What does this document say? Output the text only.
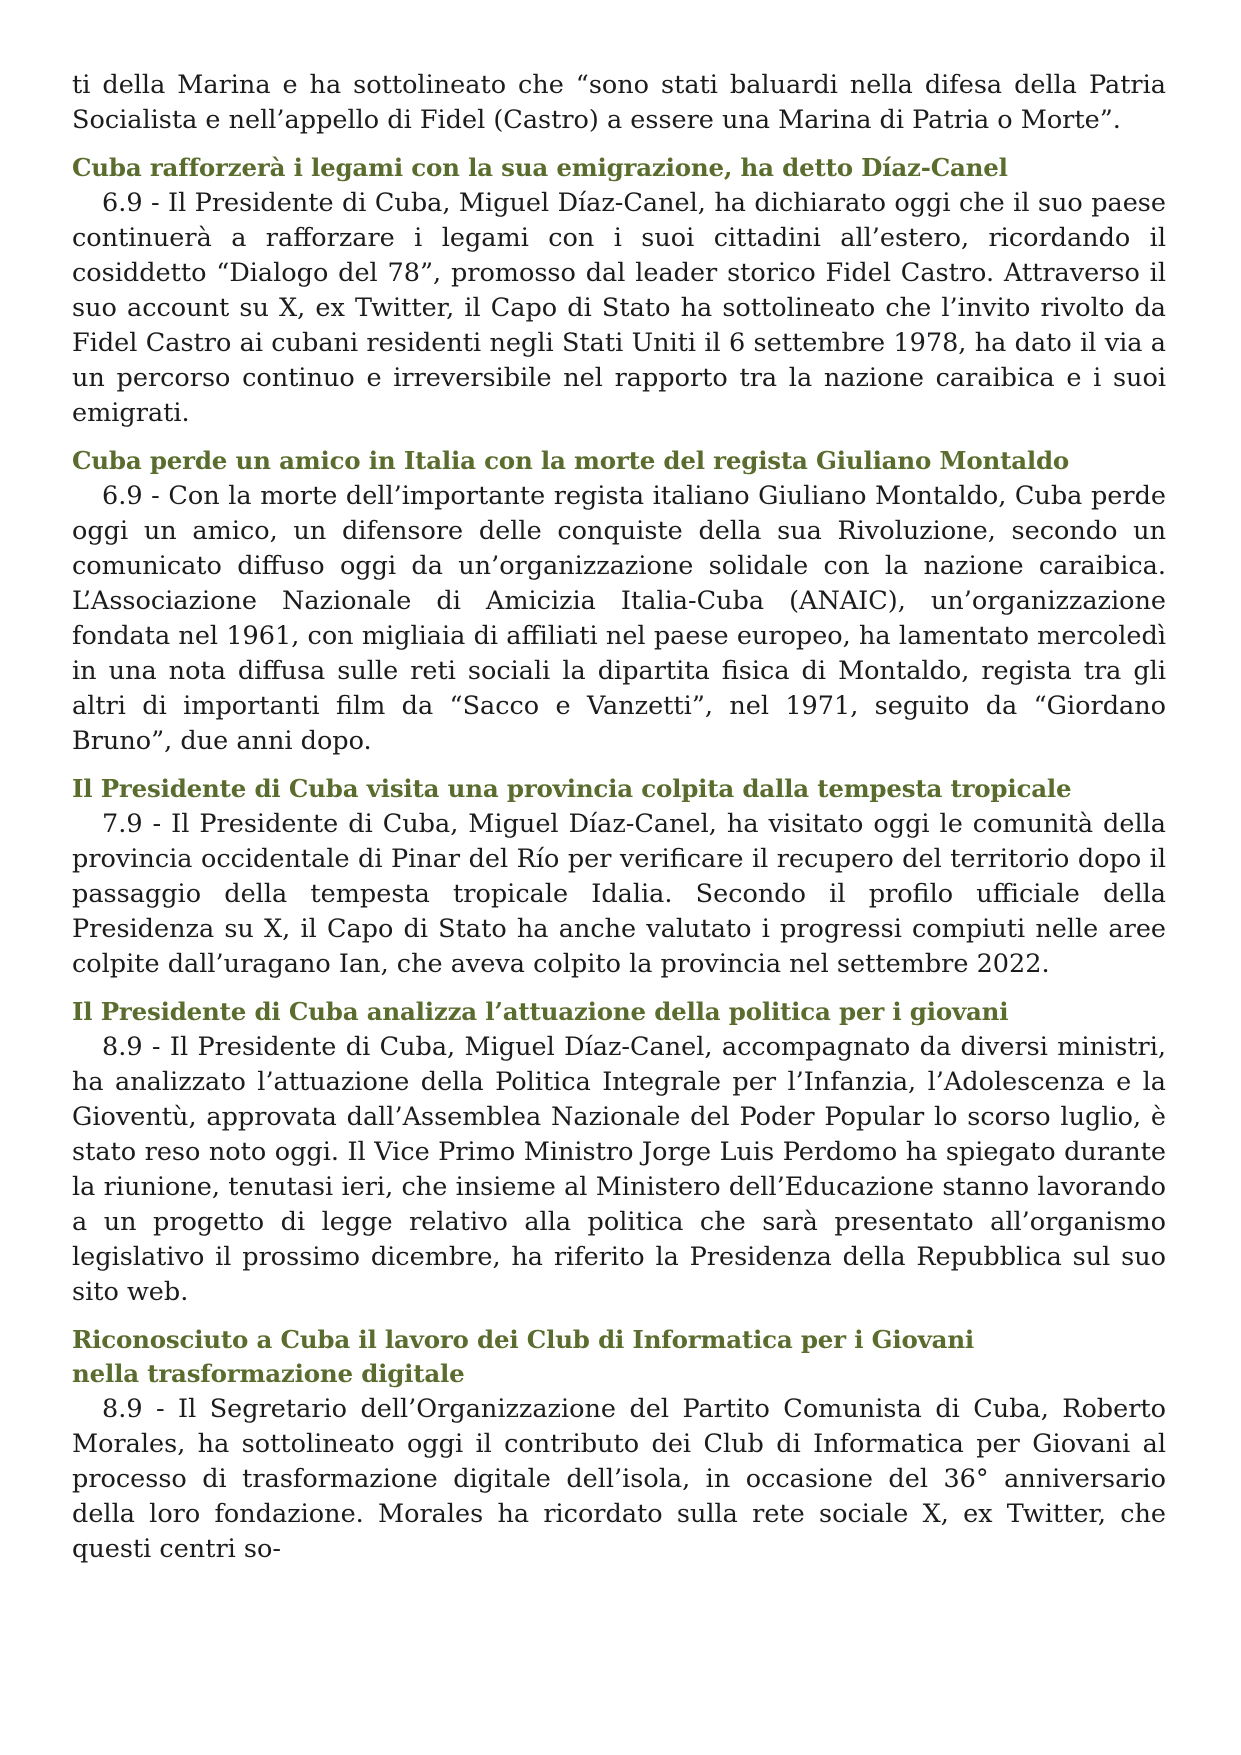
ti della Marina e ha sottolineato che “sono stati baluardi nella difesa della Patria Socialista e nell’appello di Fidel (Castro) a essere una Marina di Patria o Morte”.

Cuba rafforzerà i legami con la sua emigrazione, ha detto Díaz-Canel

6.9 - Il Presidente di Cuba, Miguel Díaz-Canel, ha dichiarato oggi che il suo paese continuerà a rafforzare i legami con i suoi cittadini all’estero, ricordando il cosiddetto “Dialogo del 78”, promosso dal leader storico Fidel Castro. Attraverso il suo account su X, ex Twitter, il Capo di Stato ha sottolineato che l’invito rivolto da Fidel Castro ai cubani residenti negli Stati Uniti il 6 settembre 1978, ha dato il via a un percorso continuo e irreversibile nel rapporto tra la nazione caraibica e i suoi emigrati.

Cuba perde un amico in Italia con la morte del regista Giuliano Montaldo

6.9 - Con la morte dell’importante regista italiano Giuliano Montaldo, Cuba perde oggi un amico, un difensore delle conquiste della sua Rivoluzione, secondo un comunicato diffuso oggi da un’organizzazione solidale con la nazione caraibica. L’Associazione Nazionale di Amicizia Italia-Cuba (ANAIC), un’organizzazione fondata nel 1961, con migliaia di affiliati nel paese europeo, ha lamentato mercoledì in una nota diffusa sulle reti sociali la dipartita fisica di Montaldo, regista tra gli altri di importanti film da “Sacco e Vanzetti”, nel 1971, seguito da “Giordano Bruno”, due anni dopo.

Il Presidente di Cuba visita una provincia colpita dalla tempesta tropicale

7.9 - Il Presidente di Cuba, Miguel Díaz-Canel, ha visitato oggi le comunità della provincia occidentale di Pinar del Río per verificare il recupero del territorio dopo il passaggio della tempesta tropicale Idalia. Secondo il profilo ufficiale della Presidenza su X, il Capo di Stato ha anche valutato i progressi compiuti nelle aree colpite dall’uragano Ian, che aveva colpito la provincia nel settembre 2022.

Il Presidente di Cuba analizza l’attuazione della politica per i giovani

8.9 - Il Presidente di Cuba, Miguel Díaz-Canel, accompagnato da diversi ministri, ha analizzato l’attuazione della Politica Integrale per l’Infanzia, l’Adolescenza e la Gioventù, approvata dall’Assemblea Nazionale del Poder Popular lo scorso luglio, è stato reso noto oggi. Il Vice Primo Ministro Jorge Luis Perdomo ha spiegato durante la riunione, tenutasi ieri, che insieme al Ministero dell’Educazione stanno lavorando a un progetto di legge relativo alla politica che sarà presentato all’organismo legislativo il prossimo dicembre, ha riferito la Presidenza della Repubblica sul suo sito web.

Riconosciuto a Cuba il lavoro dei Club di Informatica per i Giovani
nella trasformazione digitale

8.9 - Il Segretario dell’Organizzazione del Partito Comunista di Cuba, Roberto Morales, ha sottolineato oggi il contributo dei Club di Informatica per Giovani al processo di trasformazione digitale dell’isola, in occasione del 36° anniversario della loro fondazione. Morales ha ricordato sulla rete sociale X, ex Twitter, che questi centri so-
